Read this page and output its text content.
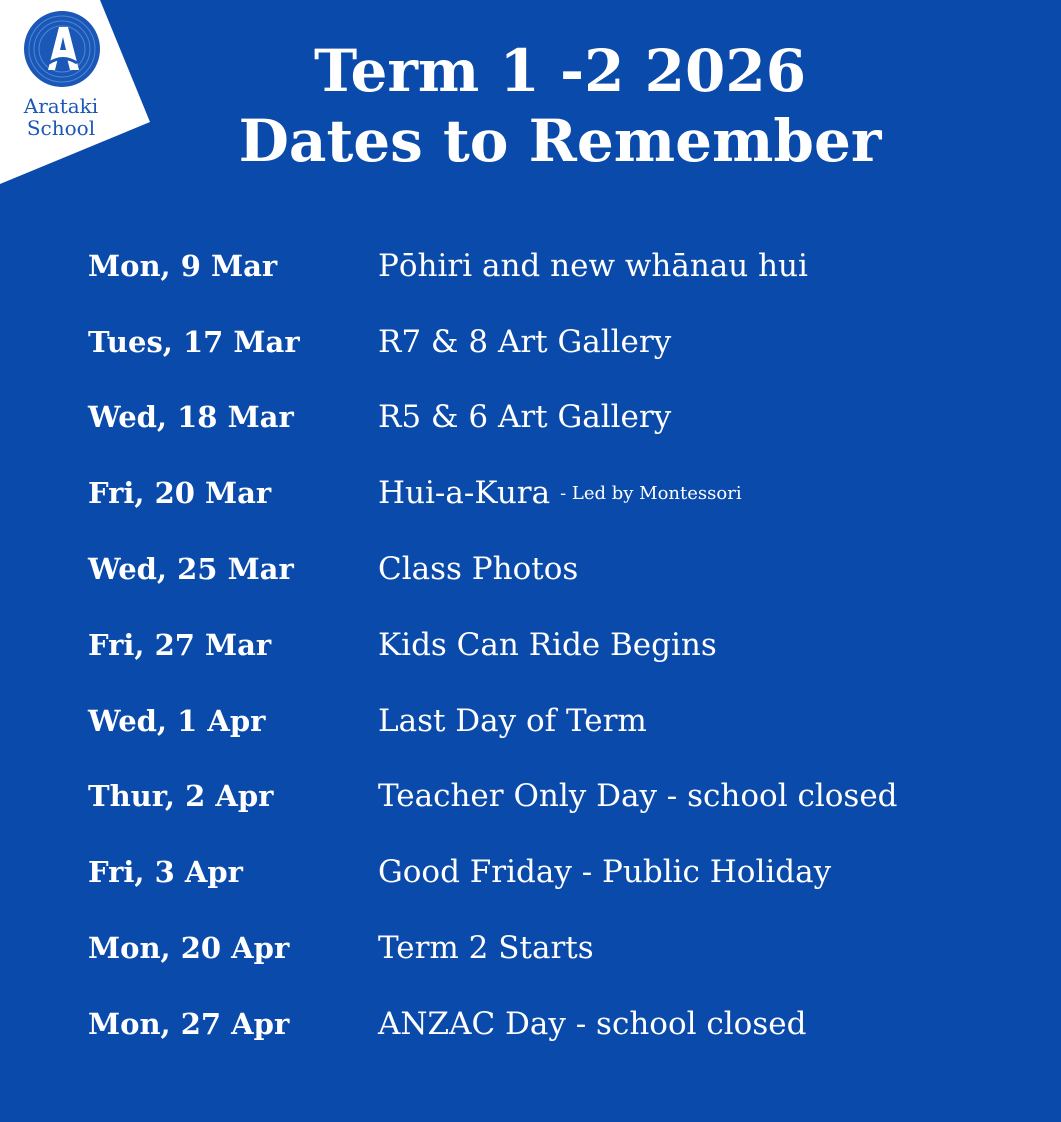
Arataki
School
Term 1 -2 2026
Dates to Remember
Mon, 9 Mar	Pōhiri and new whānau hui
Tues, 17 Mar	R7 & 8 Art Gallery
Wed, 18 Mar	R5 & 6 Art Gallery
Fri, 20 Mar	Hui-a-Kura - Led by Montessori
Wed, 25 Mar	Class Photos
Fri, 27 Mar	Kids Can Ride Begins
Wed, 1 Apr	Last Day of Term
Thur, 2 Apr	Teacher Only Day - school closed
Fri, 3 Apr	Good Friday - Public Holiday
Mon, 20 Apr	Term 2 Starts
Mon, 27 Apr	ANZAC Day - school closed
